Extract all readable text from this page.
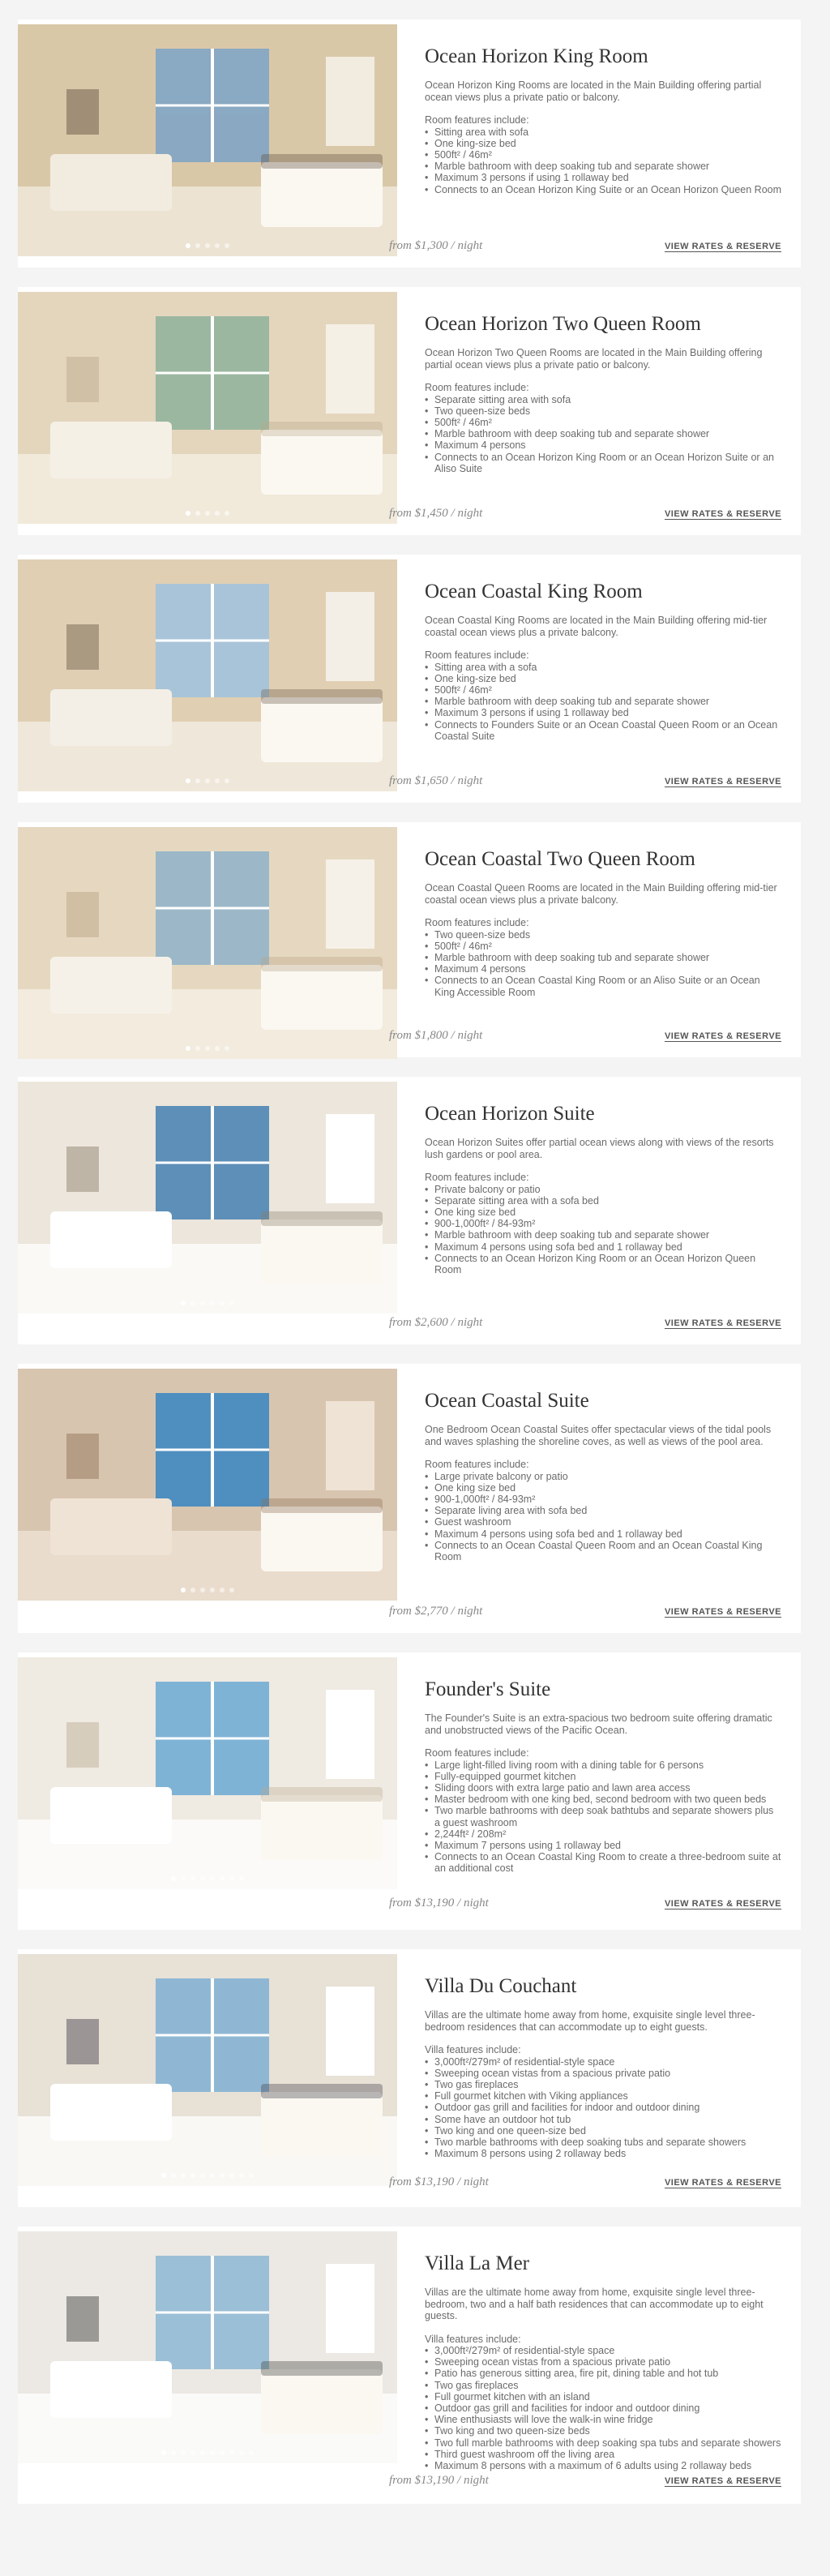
Ocean Horizon King Room

Ocean Horizon King Rooms are located in the Main Building offering partial ocean views plus a private patio or balcony.

Room features include:

• Sitting area with sofa
• One king-size bed
• 500ft² / 46m²
• Marble bathroom with deep soaking tub and separate shower
• Maximum 3 persons if using 1 rollaway bed
• Connects to an Ocean Horizon King Suite or an Ocean Horizon Queen Room
from $1,300 / night	VIEW RATES & RESERVE
Ocean Horizon Two Queen Room

Ocean Horizon Two Queen Rooms are located in the Main Building offering partial ocean views plus a private patio or balcony.

Room features include:

• Separate sitting area with sofa
• Two queen-size beds
• 500ft² / 46m²
• Marble bathroom with deep soaking tub and separate shower
• Maximum 4 persons
• Connects to an Ocean Horizon King Room or an Ocean Horizon Suite or an Aliso Suite
from $1,450 / night	VIEW RATES & RESERVE
Ocean Coastal King Room

Ocean Coastal King Rooms are located in the Main Building offering mid-tier coastal ocean views plus a private balcony.

Room features include:

• Sitting area with a sofa
• One king-size bed
• 500ft² / 46m²
• Marble bathroom with deep soaking tub and separate shower
• Maximum 3 persons if using 1 rollaway bed
• Connects to Founders Suite or an Ocean Coastal Queen Room or an Ocean Coastal Suite
from $1,650 / night	VIEW RATES & RESERVE
Ocean Coastal Two Queen Room

Ocean Coastal Queen Rooms are located in the Main Building offering mid-tier coastal ocean views plus a private balcony.

Room features include:

• Two queen-size beds
• 500ft² / 46m²
• Marble bathroom with deep soaking tub and separate shower
• Maximum 4 persons
• Connects to an Ocean Coastal King Room or an Aliso Suite or an Ocean King Accessible Room
from $1,800 / night	VIEW RATES & RESERVE
Ocean Horizon Suite

Ocean Horizon Suites offer partial ocean views along with views of the resorts lush gardens or pool area.

Room features include:

• Private balcony or patio
• Separate sitting area with a sofa bed
• One king size bed
• 900-1,000ft² / 84-93m²
• Marble bathroom with deep soaking tub and separate shower
• Maximum 4 persons using sofa bed and 1 rollaway bed
• Connects to an Ocean Horizon King Room or an Ocean Horizon Queen Room
from $2,600 / night	VIEW RATES & RESERVE
Ocean Coastal Suite

One Bedroom Ocean Coastal Suites offer spectacular views of the tidal pools and waves splashing the shoreline coves, as well as views of the pool area.

Room features include:

• Large private balcony or patio
• One king size bed
• 900-1,000ft² / 84-93m²
• Separate living area with sofa bed
• Guest washroom
• Maximum 4 persons using sofa bed and 1 rollaway bed
• Connects to an Ocean Coastal Queen Room and an Ocean Coastal King Room
from $2,770 / night	VIEW RATES & RESERVE
Founder's Suite

The Founder's Suite is an extra-spacious two bedroom suite offering dramatic and unobstructed views of the Pacific Ocean.

Room features include:

• Large light-filled living room with a dining table for 6 persons
• Fully-equipped gourmet kitchen
• Sliding doors with extra large patio and lawn area access
• Master bedroom with one king bed, second bedroom with two queen beds
• Two marble bathrooms with deep soak bathtubs and separate showers plus a guest washroom
• 2,244ft² / 208m²
• Maximum 7 persons using 1 rollaway bed
• Connects to an Ocean Coastal King Room to create a three-bedroom suite at an additional cost
from $13,190 / night	VIEW RATES & RESERVE
Villa Du Couchant

Villas are the ultimate home away from home, exquisite single level three-bedroom residences that can accommodate up to eight guests.

Villa features include:

• 3,000ft²/279m² of residential-style space
• Sweeping ocean vistas from a spacious private patio
• Two gas fireplaces
• Full gourmet kitchen with Viking appliances
• Outdoor gas grill and facilities for indoor and outdoor dining
• Some have an outdoor hot tub
• Two king and one queen-size bed
• Two marble bathrooms with deep soaking tubs and separate showers
• Maximum 8 persons using 2 rollaway beds
from $13,190 / night	VIEW RATES & RESERVE
Villa La Mer

Villas are the ultimate home away from home, exquisite single level three-bedroom, two and a half bath residences that can accommodate up to eight guests.

Villa features include:

• 3,000ft²/279m² of residential-style space
• Sweeping ocean vistas from a spacious private patio
• Patio has generous sitting area, fire pit, dining table and hot tub
• Two gas fireplaces
• Full gourmet kitchen with an island
• Outdoor gas grill and facilities for indoor and outdoor dining
• Wine enthusiasts will love the walk-in wine fridge
• Two king and two queen-size beds
• Two full marble bathrooms with deep soaking spa tubs and separate showers
• Third guest washroom off the living area
• Maximum 8 persons with a maximum of 6 adults using 2 rollaway beds
from $13,190 / night	VIEW RATES & RESERVE
